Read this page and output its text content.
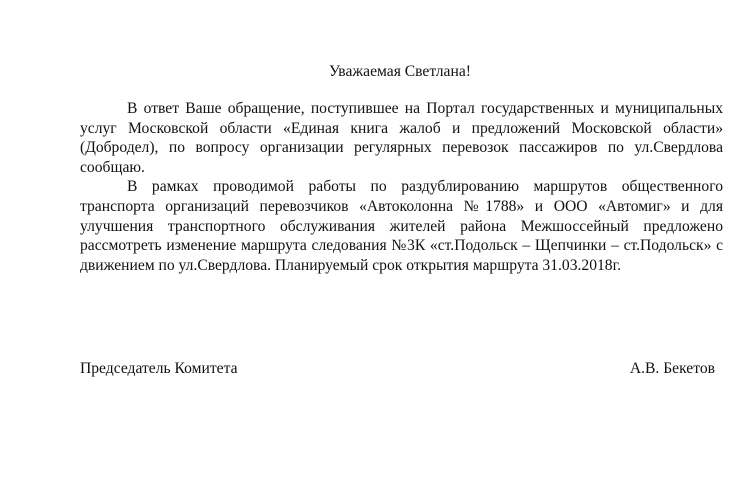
Уважаемая Светлана!

В ответ Ваше обращение, поступившее на Портал государственных и муниципальных услуг Московской области «Единая книга жалоб и предложений Московской области» (Добродел), по вопросу организации регулярных перевозок пассажиров по ул.Свердлова сообщаю.

В рамках проводимой работы по раздублированию маршрутов общественного транспорта организаций перевозчиков «Автоколонна №1788» и ООО «Автомиг» и для улучшения транспортного обслуживания жителей района Межшоссейный предложено рассмотреть изменение маршрута следования №3К «ст.Подольск – Щепчинки – ст.Подольск» с движением по ул.Свердлова. Планируемый срок открытия маршрута 31.03.2018г.

Председатель Комитета	А.В. Бекетов
